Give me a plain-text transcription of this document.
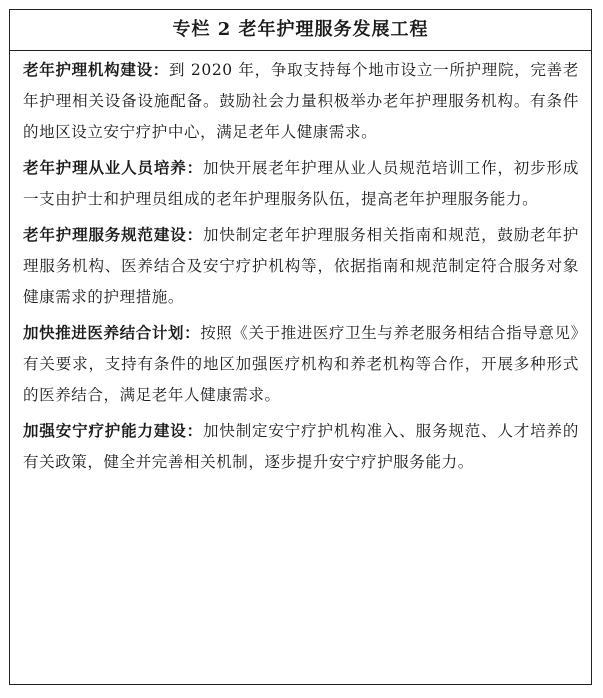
专栏 2 老年护理服务发展工程

老年护理机构建设：到 2020 年，争取支持每个地市设立一所护理院，完善老年护理相关设备设施配备。鼓励社会力量积极举办老年护理服务机构。有条件的地区设立安宁疗护中心，满足老年人健康需求。

老年护理从业人员培养：加快开展老年护理从业人员规范培训工作，初步形成一支由护士和护理员组成的老年护理服务队伍，提高老年护理服务能力。

老年护理服务规范建设：加快制定老年护理服务相关指南和规范，鼓励老年护理服务机构、医养结合及安宁疗护机构等，依据指南和规范制定符合服务对象健康需求的护理措施。

加快推进医养结合计划：按照《关于推进医疗卫生与养老服务相结合指导意见》有关要求，支持有条件的地区加强医疗机构和养老机构等合作，开展多种形式的医养结合，满足老年人健康需求。

加强安宁疗护能力建设：加快制定安宁疗护机构准入、服务规范、人才培养的有关政策，健全并完善相关机制，逐步提升安宁疗护服务能力。
